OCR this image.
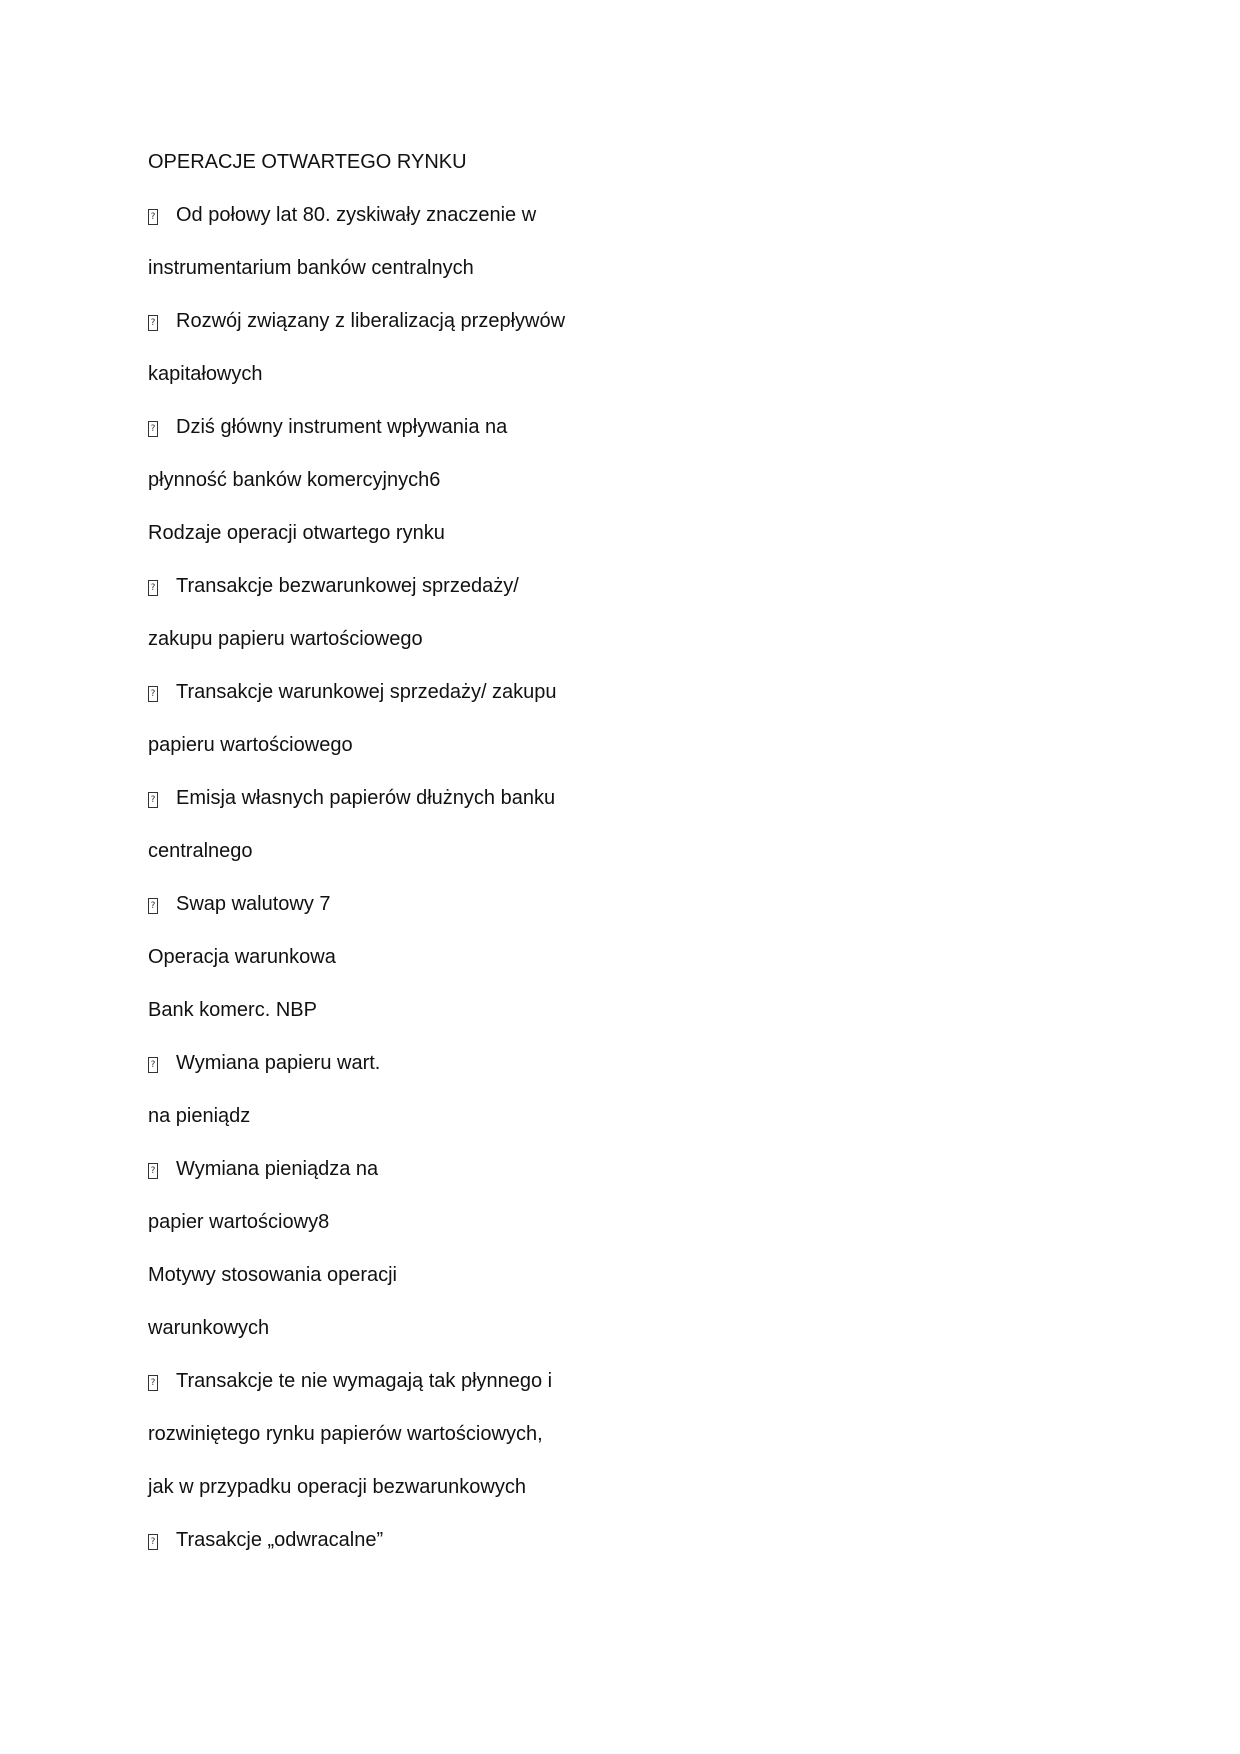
OPERACJE OTWARTEGO RYNKU
? Od połowy lat 80. zyskiwały znaczenie w
instrumentarium banków centralnych
? Rozwój związany z liberalizacją przepływów
kapitałowych
? Dziś główny instrument wpływania na
płynność banków komercyjnych6
Rodzaje operacji otwartego rynku
? Transakcje bezwarunkowej sprzedaży/
zakupu papieru wartościowego
? Transakcje warunkowej sprzedaży/ zakupu
papieru wartościowego
? Emisja własnych papierów dłużnych banku
centralnego
? Swap walutowy 7
Operacja warunkowa
Bank komerc. NBP
? Wymiana papieru wart.
na pieniądz
? Wymiana pieniądza na
papier wartościowy8
Motywy stosowania operacji
warunkowych
? Transakcje te nie wymagają tak płynnego i
rozwiniętego rynku papierów wartościowych,
jak w przypadku operacji bezwarunkowych
? Trasakcje „odwracalne”
